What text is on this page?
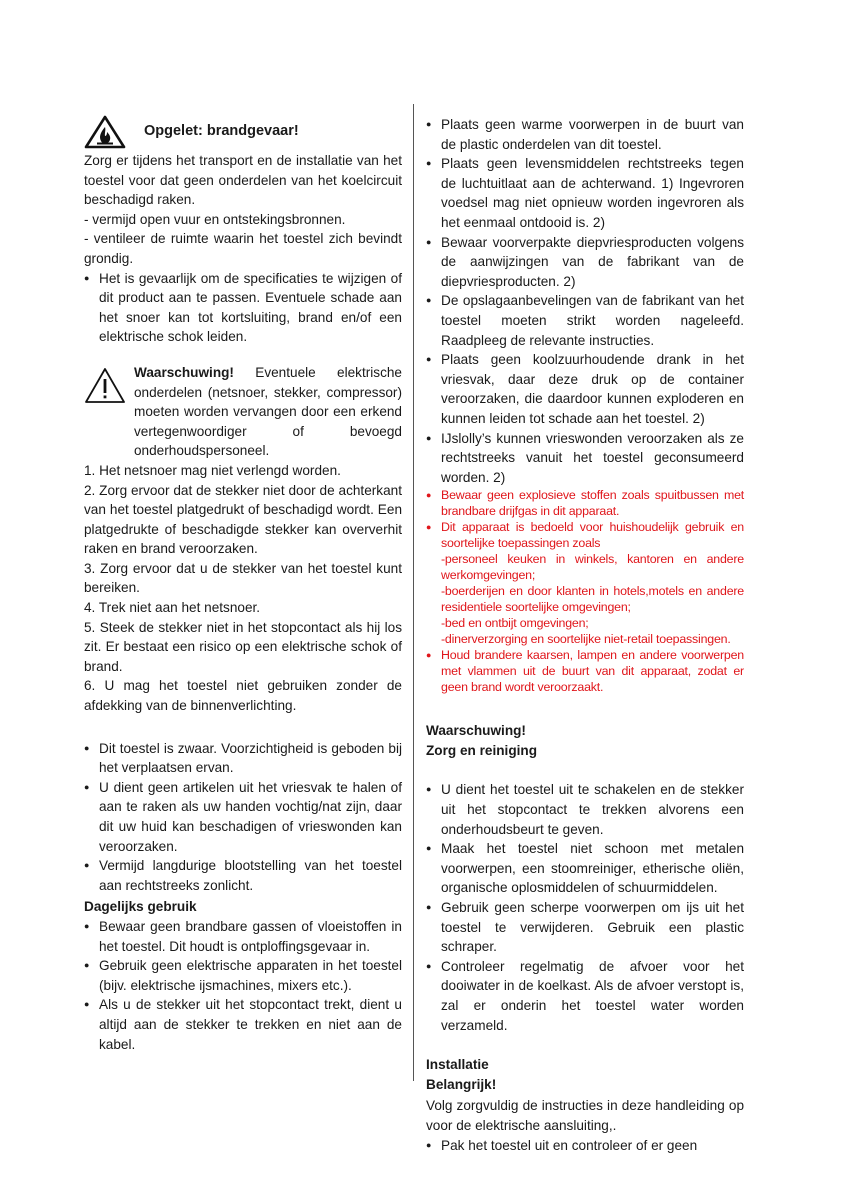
Opgelet: brandgevaar!

Zorg er tijdens het transport en de installatie van het toestel voor dat geen onderdelen van het koelcircuit beschadigd raken.

- vermijd open vuur en ontstekingsbronnen.

- ventileer de ruimte waarin het toestel zich bevindt grondig.

● Het is gevaarlijk om de specificaties te wijzigen of dit product aan te passen. Eventuele schade aan het snoer kan tot kortsluiting, brand en/of een elektrische schok leiden.

Waarschuwing! Eventuele elektrische onderdelen (netsnoer, stekker, compressor) moeten worden vervangen door een erkend vertegenwoordiger of bevoegd onderhoudspersoneel.

1. Het netsnoer mag niet verlengd worden.

2. Zorg ervoor dat de stekker niet door de achterkant van het toestel platgedrukt of beschadigd wordt. Een platgedrukte of beschadigde stekker kan oververhit raken en brand veroorzaken.

3. Zorg ervoor dat u de stekker van het toestel kunt bereiken.

4. Trek niet aan het netsnoer.

5. Steek de stekker niet in het stopcontact als hij los zit. Er bestaat een risico op een elektrische schok of brand.

6. U mag het toestel niet gebruiken zonder de afdekking van de binnenverlichting.

● Dit toestel is zwaar. Voorzichtigheid is geboden bij het verplaatsen ervan.
● U dient geen artikelen uit het vriesvak te halen of aan te raken als uw handen vochtig/nat zijn, daar dit uw huid kan beschadigen of vrieswonden kan veroorzaken.
● Vermijd langdurige blootstelling van het toestel aan rechtstreeks zonlicht.

Dagelijks gebruik

● Bewaar geen brandbare gassen of vloeistoffen in het toestel. Dit houdt is ontploffingsgevaar in.
● Gebruik geen elektrische apparaten in het toestel (bijv. elektrische ijsmachines, mixers etc.).
● Als u de stekker uit het stopcontact trekt, dient u altijd aan de stekker te trekken en niet aan de kabel.
● Plaats geen warme voorwerpen in de buurt van de plastic onderdelen van dit toestel.
● Plaats geen levensmiddelen rechtstreeks tegen de luchtuitlaat aan de achterwand. 1) Ingevroren voedsel mag niet opnieuw worden ingevroren als het eenmaal ontdooid is. 2)
● Bewaar voorverpakte diepvriesproducten volgens de aanwijzingen van de fabrikant van de diepvriesproducten. 2)
● De opslagaanbevelingen van de fabrikant van het toestel moeten strikt worden nageleefd. Raadpleeg de relevante instructies.
● Plaats geen koolzuurhoudende drank in het vriesvak, daar deze druk op de container veroorzaken, die daardoor kunnen exploderen en kunnen leiden tot schade aan het toestel. 2)
● IJslolly’s kunnen vrieswonden veroorzaken als ze rechtstreeks vanuit het toestel geconsumeerd worden. 2)
● Bewaar geen explosieve stoffen zoals spuitbussen met brandbare drijfgas in dit apparaat.
● Dit apparaat is bedoeld voor huishoudelijk gebruik en soortelijke toepassingen zoals
-personeel keuken in winkels, kantoren en andere werkomgevingen;
-boerderijen en door klanten in hotels,motels en andere residentiele soortelijke omgevingen;
-bed en ontbijt omgevingen;
-dinerverzorging en soortelijke niet-retail toepassingen.
● Houd brandere kaarsen, lampen en andere voorwerpen met vlammen uit de buurt van dit apparaat, zodat er geen brand wordt veroorzaakt.

Waarschuwing!

Zorg en reiniging

● U dient het toestel uit te schakelen en de stekker uit het stopcontact te trekken alvorens een onderhoudsbeurt te geven.
● Maak het toestel niet schoon met metalen voorwerpen, een stoomreiniger, etherische oliën, organische oplosmiddelen of schuurmiddelen.
● Gebruik geen scherpe voorwerpen om ijs uit het toestel te verwijderen. Gebruik een plastic schraper.
● Controleer regelmatig de afvoer voor het dooiwater in de koelkast. Als de afvoer verstopt is, zal er onderin het toestel water worden verzameld.

Installatie

Belangrijk!

Volg zorgvuldig de instructies in deze handleiding op voor de elektrische aansluiting,.

● Pak het toestel uit en controleer of er geen
